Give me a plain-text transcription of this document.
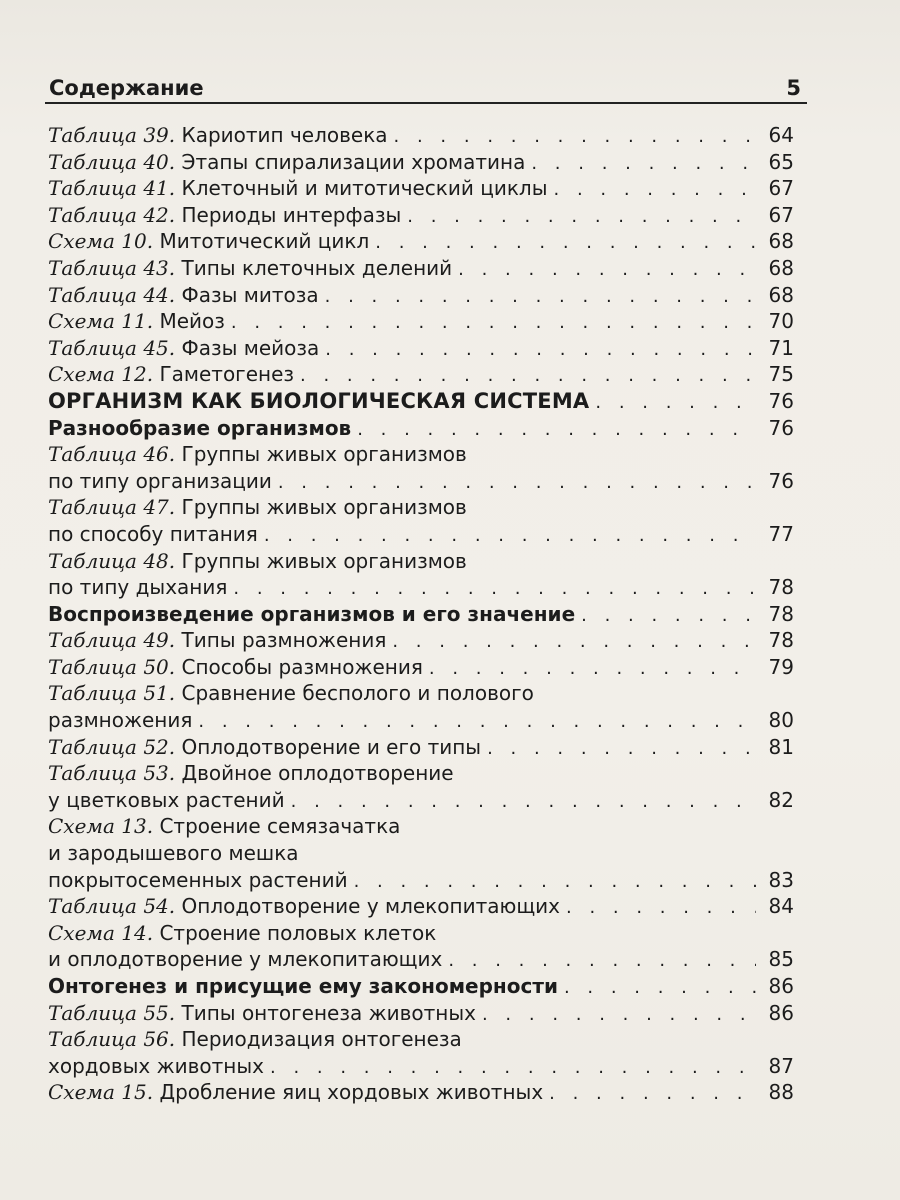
Содержание	5
Таблица 39.
Кариотип человека . . .	64
Таблица 40.
Этапы спирализации хроматина . . .	65
Таблица 41.
Клеточный и митотический циклы . . .	67
Таблица 42.
Периоды интерфазы . . .	67
Схема 10.
Митотический цикл . . .	68
Таблица 43.
Типы клеточных делений . . .	68
Таблица 44.
Фазы митоза . . .	68
Схема 11.
Мейоз . . .	70
Таблица 45.
Фазы мейоза . . .	71
Схема 12.
Гаметогенез . . .	75
ОРГАНИЗМ КАК БИОЛОГИЧЕСКАЯ СИСТЕМА . . .	76
Разнообразие организмов . . .	76
Таблица 46.
Группы живых организмов
по типу организации . . .	76
Таблица 47.
Группы живых организмов
по способу питания . . .	77
Таблица 48.
Группы живых организмов
по типу дыхания . . .	78
Воспроизведение организмов и его значение . . .	78
Таблица 49.
Типы размножения . . .	78
Таблица 50.
Способы размножения . . .	79
Таблица 51.
Сравнение бесполого и полового
размножения . . .	80
Таблица 52.
Оплодотворение и его типы . . .	81
Таблица 53.
Двойное оплодотворение
у цветковых растений . . .	82
Схема 13.
Строение семязачатка
и зародышевого мешка
покрытосеменных растений . . .	83
Таблица 54.
Оплодотворение у млекопитающих . . .	84
Схема 14.
Строение половых клеток
и оплодотворение у млекопитающих . . .	85
Онтогенез и присущие ему закономерности . . .	86
Таблица 55.
Типы онтогенеза животных . . .	86
Таблица 56.
Периодизация онтогенеза
хордовых животных . . .	87
Схема 15.
Дробление яиц хордовых животных . . .	88
